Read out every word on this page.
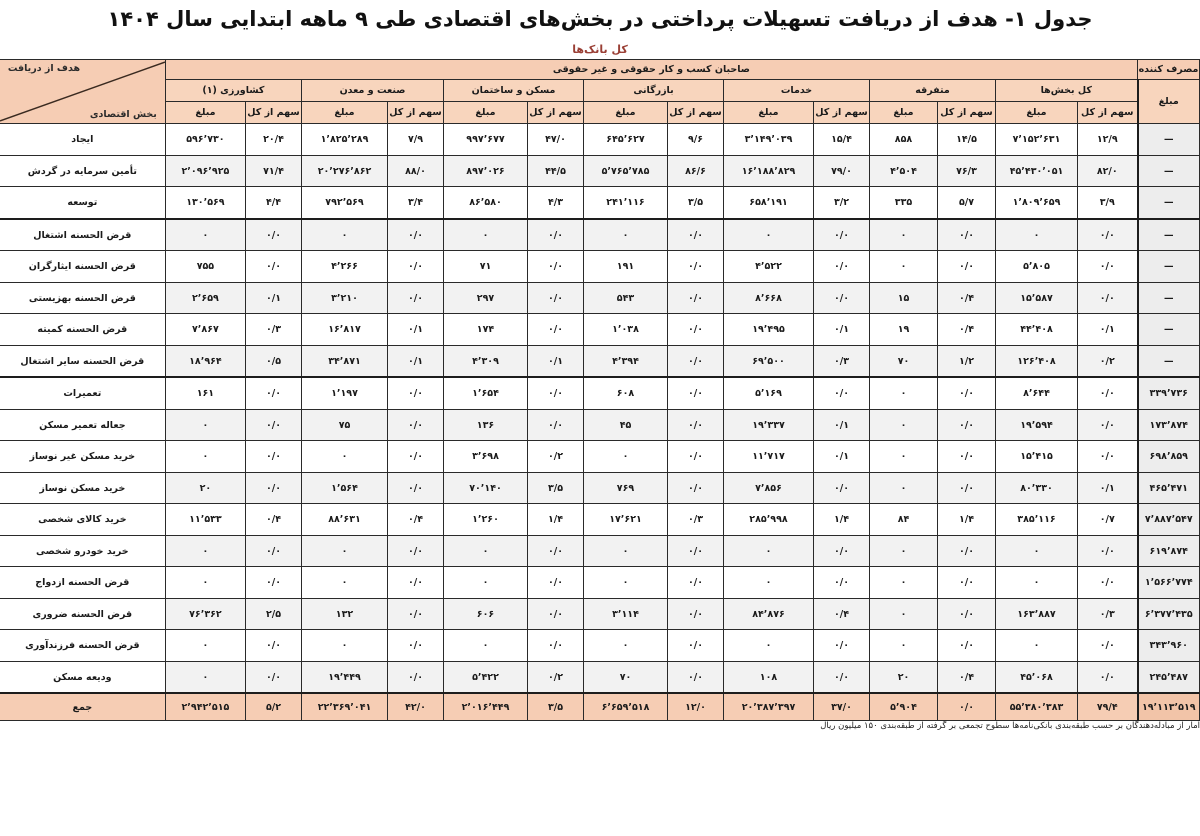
جدول ۱- هدف از دریافت تسهیلات پرداختی در بخش‌های اقتصادی طی ۹ ماهه ابتدایی سال ۱۴۰۴
کل بانک‌ها
مصرف کننده	صاحبان کسب و کار حقوقی و غیر حقوقی														هدف از دریافت
بخش اقتصادی

مبلغ	کل بخش‌ها		متفرقه		خدمات		بازرگانی		مسکن و ساختمان		صنعت و معدن		کشاورزی (۱)		
	سهم از کل	مبلغ	سهم از کل	مبلغ	سهم از کل	مبلغ	سهم از کل	مبلغ	سهم از کل	مبلغ	سهم از کل	مبلغ	سهم از کل	مبلغ	
—	۱۲/۹	۷٬۱۵۲٬۶۳۱	۱۴/۵	۸۵۸	۱۵/۴	۳٬۱۴۹٬۰۳۹	۹/۶	۶۴۵٬۶۲۷	۴۷/۰	۹۹۷٬۶۷۷	۷/۹	۱٬۸۲۵٬۲۸۹	۲۰/۴	۵۹۶٬۷۳۰	ایجاد
—	۸۲/۰	۴۵٬۴۳۰٬۰۵۱	۷۶/۳	۴٬۵۰۴	۷۹/۰	۱۶٬۱۸۸٬۸۲۹	۸۶/۶	۵٬۷۶۵٬۷۸۵	۴۴/۵	۸۹۷٬۰۲۶	۸۸/۰	۲۰٬۲۷۶٬۸۶۲	۷۱/۴	۲٬۰۹۶٬۹۲۵	تأمین سرمایه در گردش
—	۳/۹	۱٬۸۰۹٬۶۵۹	۵/۷	۳۳۵	۳/۲	۶۵۸٬۱۹۱	۳/۵	۲۴۱٬۱۱۶	۴/۳	۸۶٬۵۸۰	۳/۴	۷۹۲٬۵۶۹	۴/۴	۱۳۰٬۵۶۹	توسعه
—	۰/۰	۰	۰/۰	۰	۰/۰	۰	۰/۰	۰	۰/۰	۰	۰/۰	۰	۰/۰	۰	قرض الحسنه اشتغال
—	۰/۰	۵٬۸۰۵	۰/۰	۰	۰/۰	۴٬۵۲۲	۰/۰	۱۹۱	۰/۰	۷۱	۰/۰	۴٬۲۶۶	۰/۰	۷۵۵	قرض الحسنه ایثارگران
—	۰/۰	۱۵٬۵۸۷	۰/۴	۱۵	۰/۰	۸٬۶۶۸	۰/۰	۵۴۳	۰/۰	۲۹۷	۰/۰	۳٬۲۱۰	۰/۱	۲٬۶۵۹	قرض الحسنه بهزیستی
—	۰/۱	۴۴٬۴۰۸	۰/۴	۱۹	۰/۱	۱۹٬۴۹۵	۰/۰	۱٬۰۳۸	۰/۰	۱۷۴	۰/۱	۱۶٬۸۱۷	۰/۳	۷٬۸۶۷	قرض الحسنه کمیته
—	۰/۲	۱۲۶٬۴۰۸	۱/۲	۷۰	۰/۳	۶۹٬۵۰۰	۰/۰	۴٬۳۹۴	۰/۱	۴٬۳۰۹	۰/۱	۳۴٬۸۷۱	۰/۵	۱۸٬۹۶۴	قرض الحسنه سایر اشتغال
۳۳۹٬۷۳۶	۰/۰	۸٬۶۴۴	۰/۰	۰	۰/۰	۵٬۱۶۹	۰/۰	۶۰۸	۰/۰	۱٬۶۵۴	۰/۰	۱٬۱۹۷	۰/۰	۱۶۱	تعمیرات
۱۷۳٬۸۷۴	۰/۰	۱۹٬۵۹۴	۰/۰	۰	۰/۱	۱۹٬۳۳۷	۰/۰	۴۵	۰/۰	۱۳۶	۰/۰	۷۵	۰/۰	۰	جعاله تعمیر مسکن
۶۹۸٬۸۵۹	۰/۰	۱۵٬۴۱۵	۰/۰	۰	۰/۱	۱۱٬۷۱۷	۰/۰	۰	۰/۲	۳٬۶۹۸	۰/۰	۰	۰/۰	۰	خرید مسکن غیر نوساز
۴۶۵٬۴۷۱	۰/۱	۸۰٬۳۳۰	۰/۰	۰	۰/۰	۷٬۸۵۶	۰/۰	۷۶۹	۳/۵	۷۰٬۱۴۰	۰/۰	۱٬۵۶۴	۰/۰	۲۰	خرید مسکن نوساز
۷٬۸۸۷٬۵۴۷	۰/۷	۳۸۵٬۱۱۶	۱/۴	۸۴	۱/۴	۲۸۵٬۹۹۸	۰/۳	۱۷٬۶۲۱	۱/۴	۱٬۲۶۰	۰/۴	۸۸٬۶۳۱	۰/۴	۱۱٬۵۳۳	خرید کالای شخصی
۶۱۹٬۸۷۴	۰/۰	۰	۰/۰	۰	۰/۰	۰	۰/۰	۰	۰/۰	۰	۰/۰	۰	۰/۰	۰	خرید خودرو شخصی
۱٬۵۶۶٬۷۷۴	۰/۰	۰	۰/۰	۰	۰/۰	۰	۰/۰	۰	۰/۰	۰	۰/۰	۰	۰/۰	۰	قرض الحسنه ازدواج
۶٬۳۷۷٬۴۳۵	۰/۳	۱۶۳٬۸۸۷	۰/۰	۰	۰/۴	۸۴٬۸۷۶	۰/۰	۳٬۱۱۴	۰/۰	۶۰۶	۰/۰	۱۳۲	۲/۵	۷۶٬۳۶۲	قرض الحسنه ضروری
۳۴۳٬۹۶۰	۰/۰	۰	۰/۰	۰	۰/۰	۰	۰/۰	۰	۰/۰	۰	۰/۰	۰	۰/۰	۰	قرض الحسنه فرزندآوری
۲۴۵٬۴۸۷	۰/۰	۴۵٬۰۶۸	۰/۴	۲۰	۰/۰	۱۰۸	۰/۰	۷۰	۰/۲	۵٬۴۲۲	۰/۰	۱۹٬۴۴۹	۰/۰	۰	ودیعه مسکن
۱۹٬۱۱۳٬۵۱۹	۷۹/۴	۵۵٬۳۸۰٬۳۸۳	۰/۰	۵٬۹۰۴	۳۷/۰	۲۰٬۳۸۷٬۳۹۷	۱۲/۰	۶٬۶۵۹٬۵۱۸	۳/۵	۲٬۰۱۶٬۴۴۹	۴۲/۰	۲۲٬۳۶۹٬۰۴۱	۵/۲	۲٬۹۴۲٬۵۱۵	جمع
آمار از مبادله‌دهندگان بر حسب طبقه‌بندی بانکی‌نامه‌ها سطوح تجمعی بر گرفته از طبقه‌بندی ۱۵۰ میلیون ریال
